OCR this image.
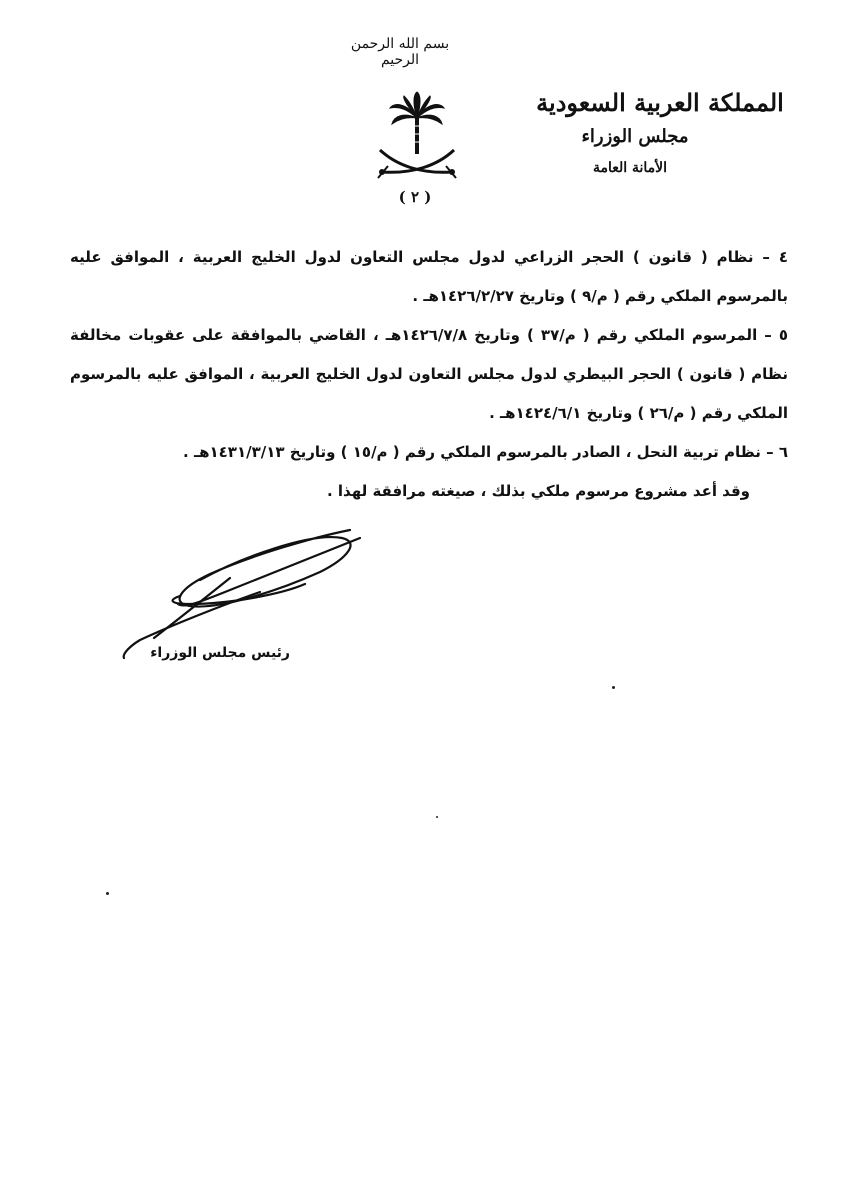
بسم الله الرحمن الرحيم
( ٢ )
المملكة العربية السعودية
مجلس الوزراء
الأمانة العامة

٤ – نظام ( قانون ) الحجر الزراعي لدول مجلس التعاون لدول الخليج العربية ، الموافق عليه بالمرسوم الملكي رقم ( م/٩ ) وتاريخ ١٤٢٦/٢/٢٧هـ .

٥ – المرسوم الملكي رقم ( م/٣٧ ) وتاريخ ١٤٢٦/٧/٨هـ ، القاضي بالموافقة على عقوبات مخالفة نظام ( قانون ) الحجر البيطري لدول مجلس التعاون لدول الخليج العربية ، الموافق عليه بالمرسوم الملكي رقم ( م/٢٦ ) وتاريخ ١٤٢٤/٦/١هـ .

٦ – نظام تربية النحل ، الصادر بالمرسوم الملكي رقم ( م/١٥ ) وتاريخ ١٤٣١/٣/١٣هـ .

وقد أعد مشروع مرسوم ملكي بذلك ، صيغته مرافقة لهذا .

رئيس مجلس الوزراء
